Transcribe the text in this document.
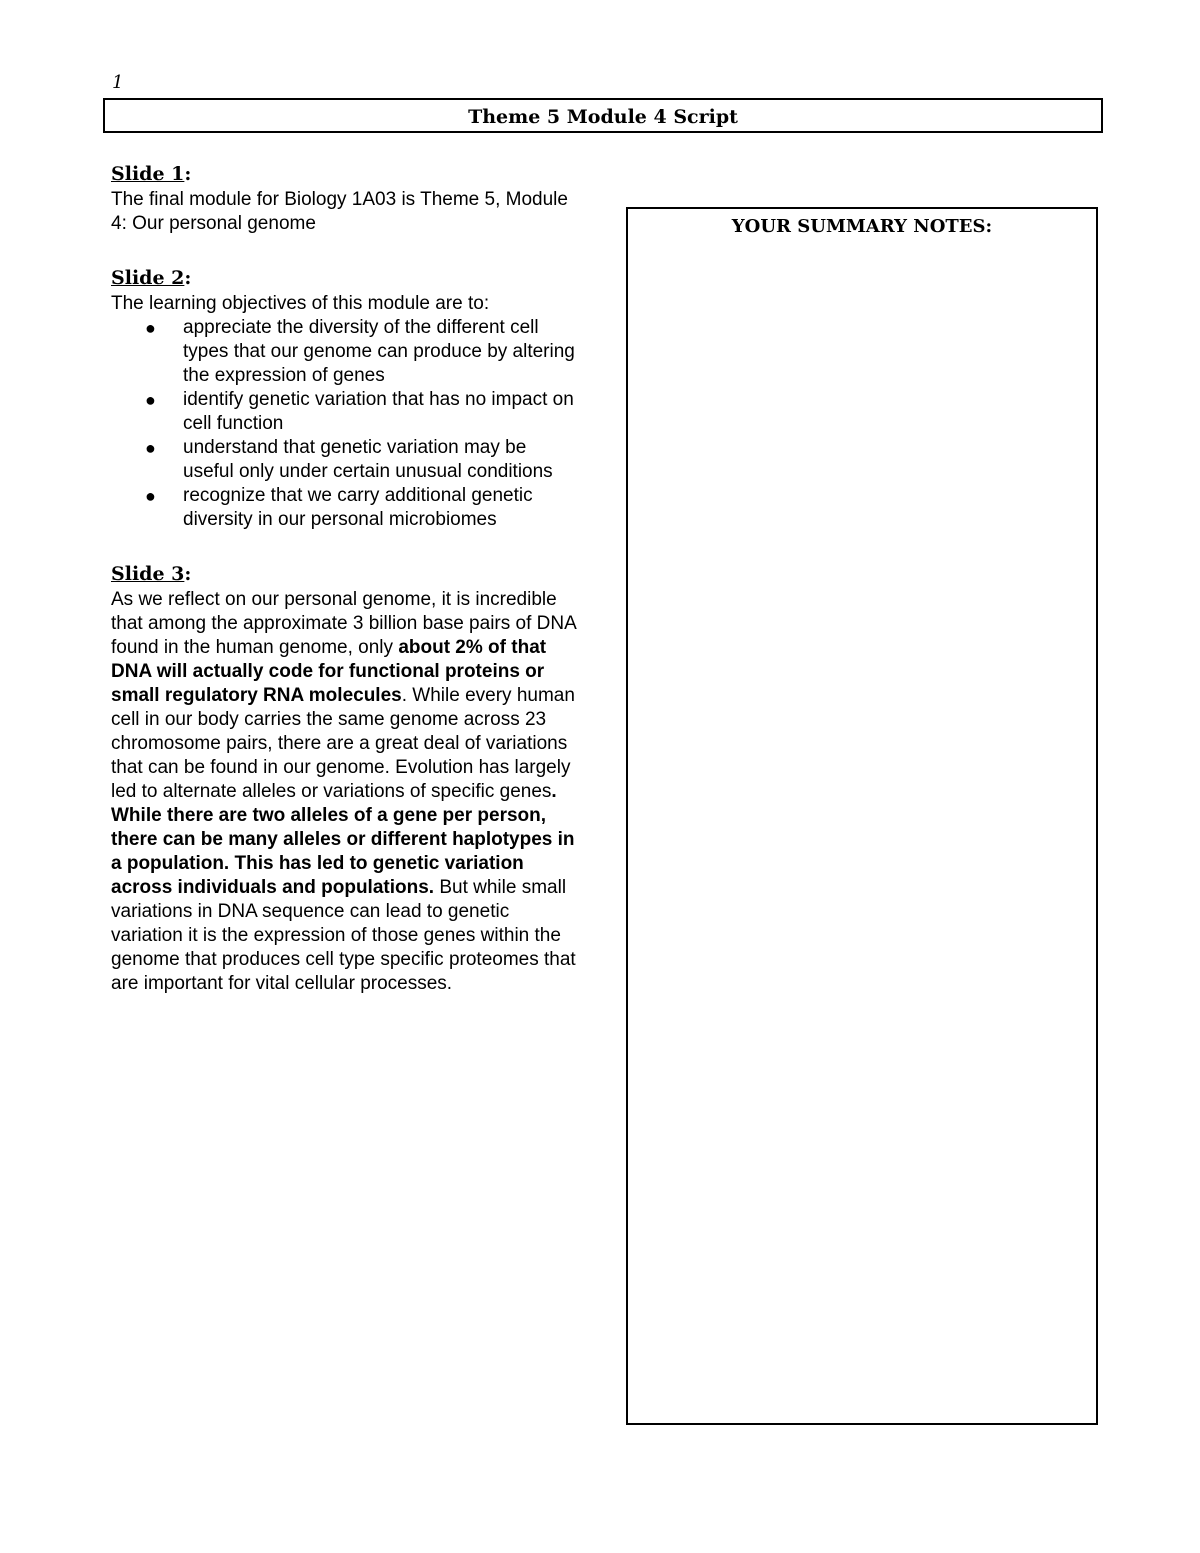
1
Theme 5 Module 4 Script
Slide 1:

The final module for Biology 1A03 is Theme 5, Module 4: Our personal genome

Slide 2:

The learning objectives of this module are to:

● appreciate the diversity of the different cell types that our genome can produce by altering the expression of genes
● identify genetic variation that has no impact on cell function
● understand that genetic variation may be useful only under certain unusual conditions
● recognize that we carry additional genetic diversity in our personal microbiomes
Slide 3:

As we reflect on our personal genome, it is incredible that among the approximate 3 billion base pairs of DNA found in the human genome, only about 2% of that DNA will actually code for functional proteins or small regulatory RNA molecules. While every human cell in our body carries the same genome across 23 chromosome pairs, there are a great deal of variations that can be found in our genome. Evolution has largely led to alternate alleles or variations of specific genes. While there are two alleles of a gene per person, there can be many alleles or different haplotypes in a population. This has led to genetic variation across individuals and populations. But while small variations in DNA sequence can lead to genetic variation it is the expression of those genes within the genome that produces cell type specific proteomes that are important for vital cellular processes.

YOUR SUMMARY NOTES:
